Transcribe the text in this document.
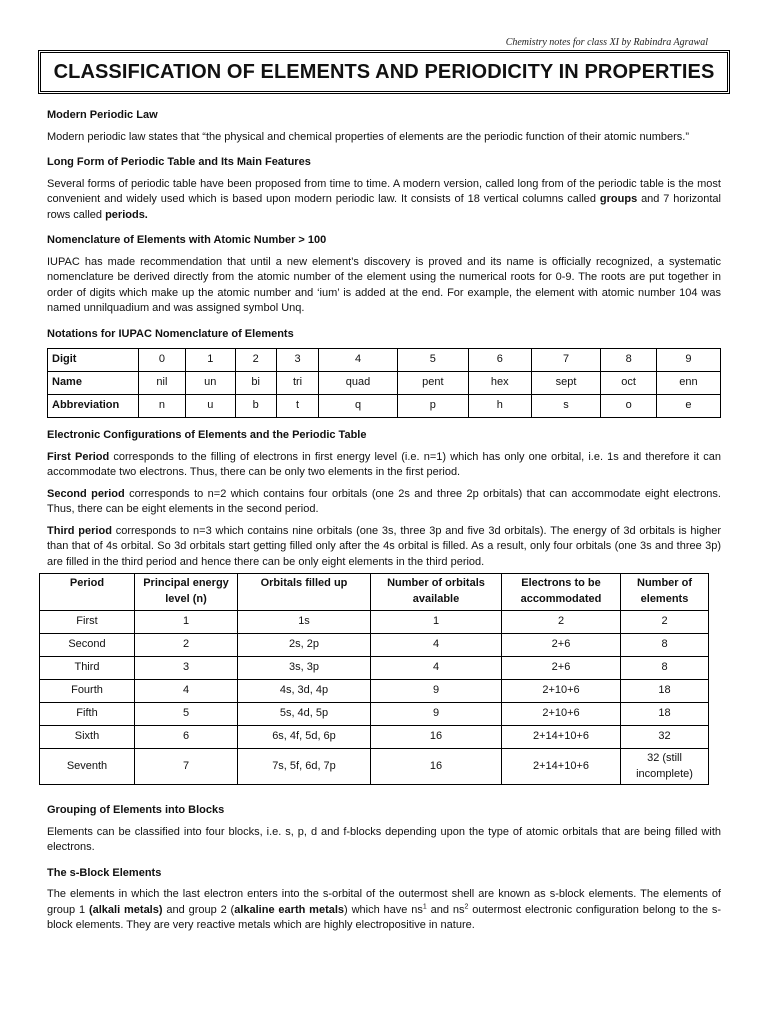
Chemistry notes for class XI by Rabindra Agrawal
CLASSIFICATION OF ELEMENTS AND PERIODICITY IN PROPERTIES
Modern Periodic Law

Modern periodic law states that “the physical and chemical properties of elements are the periodic function of their atomic numbers.”

Long Form of Periodic Table and Its Main Features

Several forms of periodic table have been proposed from time to time. A modern version, called long from of the periodic table is the most convenient and widely used which is based upon modern periodic law. It consists of 18 vertical columns called groups and 7 horizontal rows called periods.

Nomenclature of Elements with Atomic Number > 100

IUPAC has made recommendation that until a new element’s discovery is proved and its name is officially recognized, a systematic nomenclature be derived directly from the atomic number of the element using the numerical roots for 0-9. The roots are put together in order of digits which make up the atomic number and ‘ium’ is added at the end. For example, the element with atomic number 104 was named unnilquadium and was assigned symbol Unq.

Notations for IUPAC Nomenclature of Elements
Digit	0	1	2	3	4	5	6	7	8	9
Name	nil	un	bi	tri	quad	pent	hex	sept	oct	enn
Abbreviation	n	u	b	t	q	p	h	s	o	e
Electronic Configurations of Elements and the Periodic Table

First Period corresponds to the filling of electrons in first energy level (i.e. n=1) which has only one orbital, i.e. 1s and therefore it can accommodate two electrons. Thus, there can be only two elements in the first period.

Second period corresponds to n=2 which contains four orbitals (one 2s and three 2p orbitals) that can accommodate eight electrons. Thus, there can be eight elements in the second period.

Third period corresponds to n=3 which contains nine orbitals (one 3s, three 3p and five 3d orbitals). The energy of 3d orbitals is higher than that of 4s orbital. So 3d orbitals start getting filled only after the 4s orbital is filled. As a result, only four orbitals (one 3s and three 3p) are filled in the third period and hence there can be only eight elements in the third period.

Period	Principal energy level (n)	Orbitals filled up	Number of orbitals available	Electrons to be accommodated	Number of elements
First	1	1s	1	2	2
Second	2	2s, 2p	4	2+6	8
Third	3	3s, 3p	4	2+6	8
Fourth	4	4s, 3d, 4p	9	2+10+6	18
Fifth	5	5s, 4d, 5p	9	2+10+6	18
Sixth	6	6s, 4f, 5d, 6p	16	2+14+10+6	32
Seventh	7	7s, 5f, 6d, 7p	16	2+14+10+6	32 (still incomplete)
Grouping of Elements into Blocks

Elements can be classified into four blocks, i.e. s, p, d and f-blocks depending upon the type of atomic orbitals that are being filled with electrons.

The s-Block Elements

The elements in which the last electron enters into the s-orbital of the outermost shell are known as s-block elements. The elements of group 1 (alkali metals) and group 2 (alkaline earth metals) which have $ns^1$ and $ns^2$ outermost electronic configuration belong to the s-block elements. They are very reactive metals which are highly electropositive in nature.
